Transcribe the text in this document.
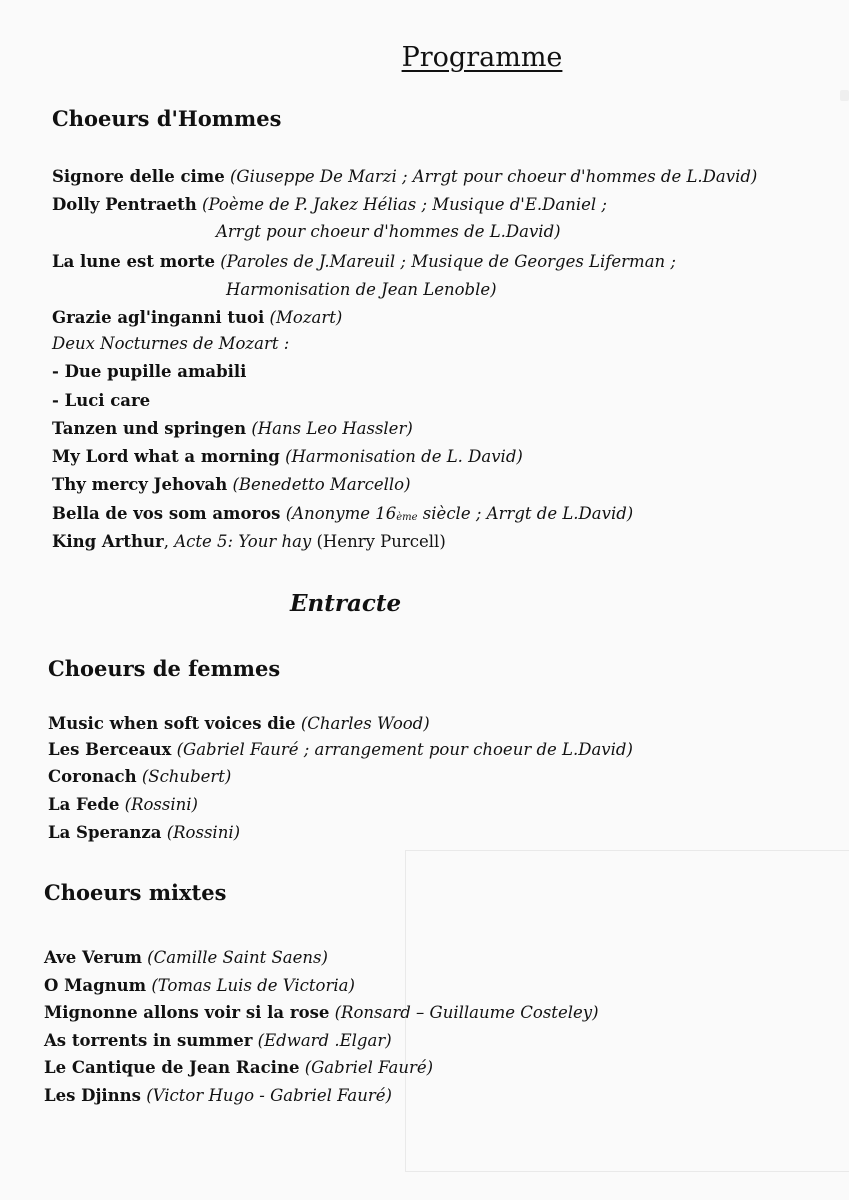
Programme
Choeurs d'Hommes
Signore delle cime (Giuseppe De Marzi ; Arrgt pour choeur d'hommes de L.David)
Dolly Pentraeth (Poème de P. Jakez Hélias ; Musique d'E.Daniel ;
Arrgt pour choeur d'hommes de L.David)
La lune est morte (Paroles de J.Mareuil ; Musique de Georges Liferman ;
Harmonisation de Jean Lenoble)
Grazie agl'inganni tuoi (Mozart)
Deux Nocturnes de Mozart :
- Due pupille amabili
- Luci care
Tanzen und springen (Hans Leo Hassler)
My Lord what a morning (Harmonisation de L. David)
Thy mercy Jehovah (Benedetto Marcello)
Bella de vos som amoros (Anonyme $16_{ème}$ siècle ; Arrgt de L.David)
King Arthur, Acte 5: Your hay (Henry Purcell)
Entracte
Choeurs de femmes
Music when soft voices die (Charles Wood)
Les Berceaux (Gabriel Fauré ; arrangement pour choeur de L.David)
Coronach (Schubert)
La Fede (Rossini)
La Speranza (Rossini)
Choeurs mixtes
Ave Verum (Camille Saint Saens)
O Magnum (Tomas Luis de Victoria)
Mignonne allons voir si la rose (Ronsard – Guillaume Costeley)
As torrents in summer (Edward .Elgar)
Le Cantique de Jean Racine (Gabriel Fauré)
Les Djinns (Victor Hugo - Gabriel Fauré)
